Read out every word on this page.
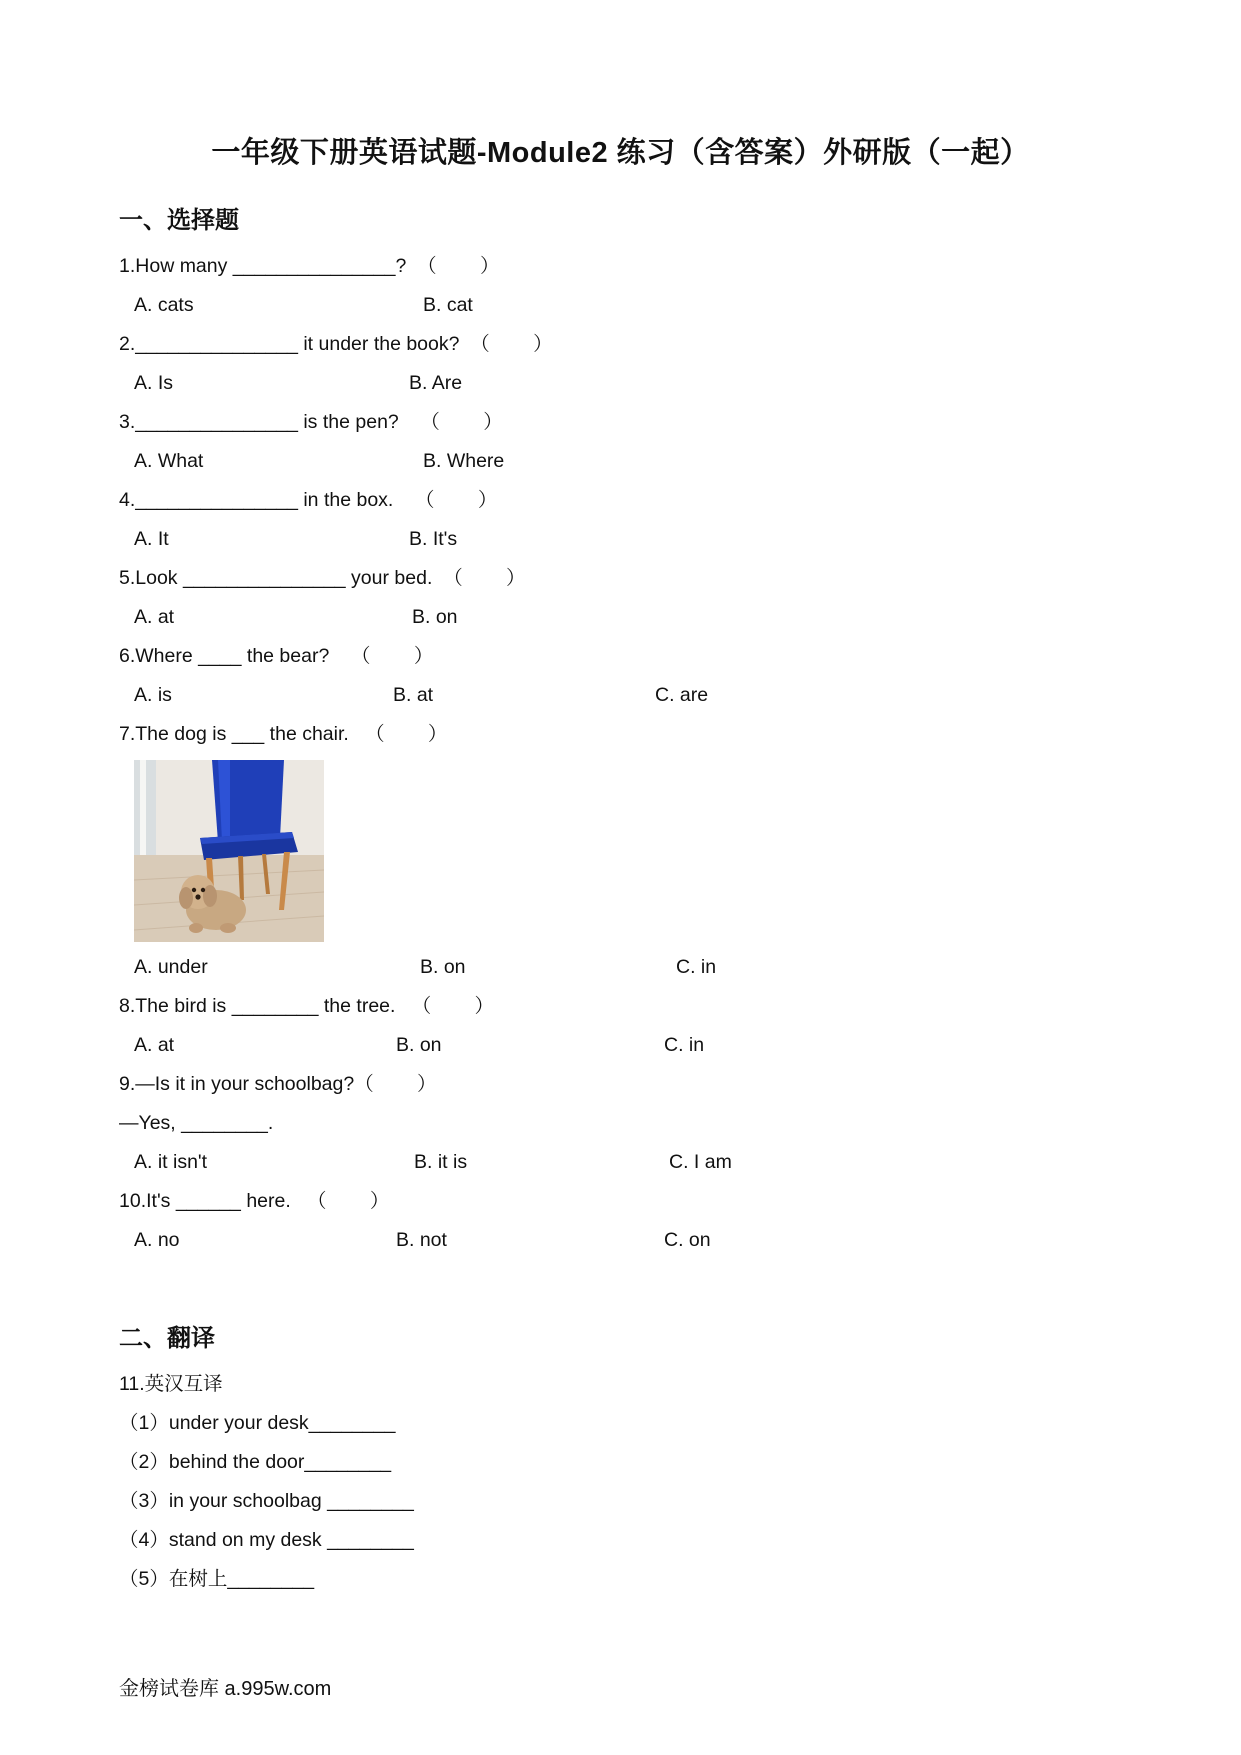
一年级下册英语试题-Module2 练习（含答案）外研版（一起）
一、选择题
1.How many _______________?  （        ）
A. cats	B. cat
2._______________ it under the book?  （        ）
A. Is	B. Are
3._______________ is the pen?    （        ）
A. What	B. Where
4._______________ in the box.    （        ）
A. It	B. It's
5.Look _______________ your bed.  （        ）
A. at	B. on
6.Where ____ the bear?    （        ）
A. is	B. at	C. are
7.The dog is ___ the chair.   （        ）
A. under	B. on	C. in
8.The bird is ________ the tree.   （        ）
A. at	B. on	C. in
9.—Is it in your schoolbag?（        ）
—Yes, ________.
A. it isn't	B. it is	C. I am
10.It's ______ here.   （        ）
A. no	B. not	C. on
二、翻译
11.英汉互译
（1）under your desk________
（2）behind the door________
（3）in your schoolbag ________
（4）stand on my desk ________
（5）在树上________
金榜试卷库 a.995w.com
